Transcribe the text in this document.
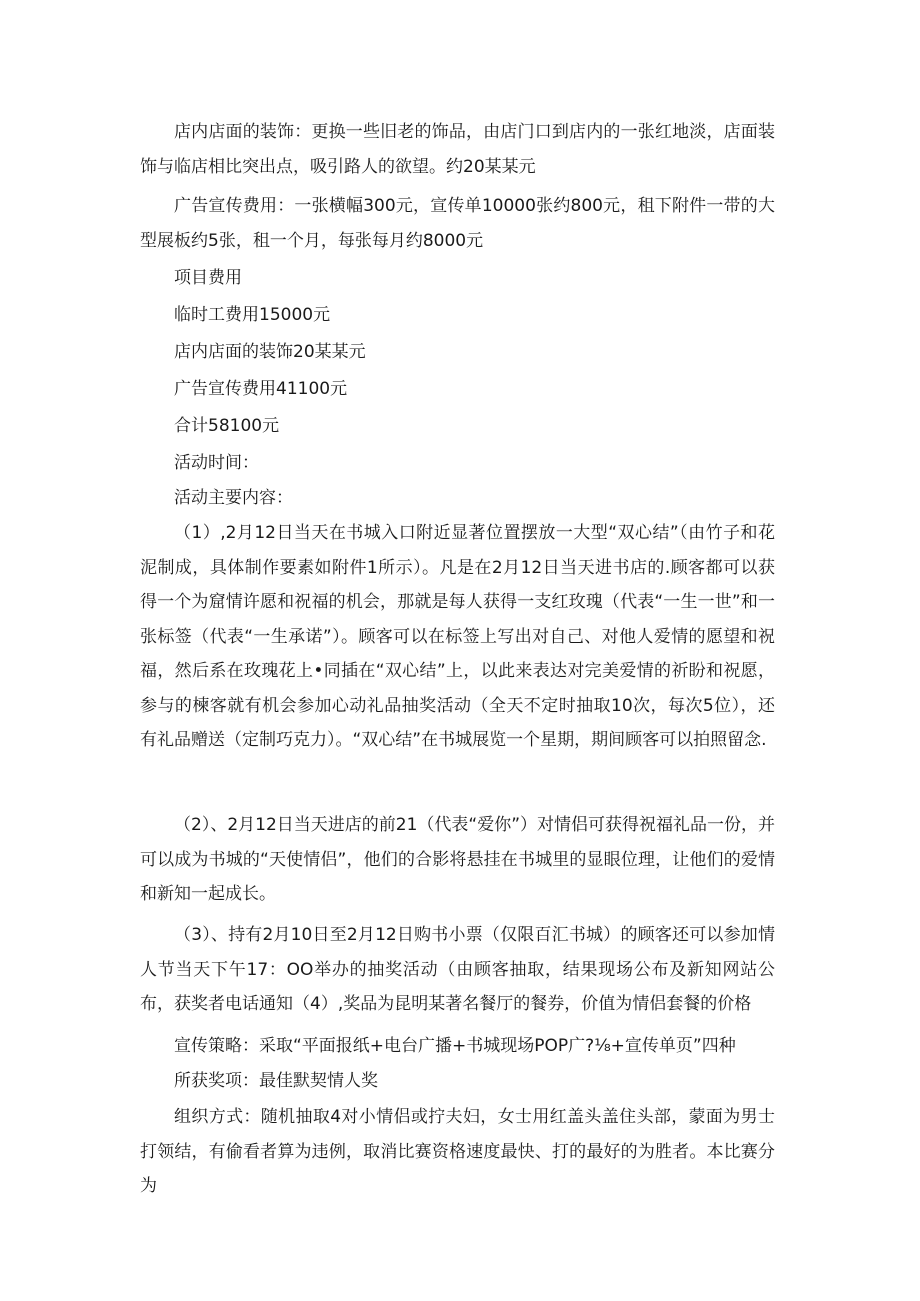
店内店面的装饰：更换一些旧老的饰品，由店门口到店内的一张红地淡，店面装饰与临店相比突出点，吸引路人的欲望。约20某某元

广告宣传费用：一张横幅300元，宣传单10000张约800元，租下附件一带的大型展板约5张，租一个月，每张每月约8000元

项目费用

临时工费用15000元

店内店面的装饰20某某元

广告宣传费用41100元

合计58100元

活动时间：

活动主要内容：

（1）,2月12日当天在书城入口附近显著位置摆放一大型“双心结”（由竹子和花泥制成，具体制作要素如附件1所示）。凡是在2月12日当天进书店的.顾客都可以获得一个为窟情许愿和祝福的机会，那就是每人获得一支红玫瑰（代表“一生一世”和一张标签（代表“一生承诺”）。顾客可以在标签上写出对自己、对他人爱情的愿望和祝福，然后系在玫瑰花上•同插在“双心结”上，以此来表达对完美爱情的祈盼和祝愿，参与的楝客就有机会参加心动礼品抽奖活动（全天不定时抽取10次，每次5位），还有礼品赠送（定制巧克力）。“双心结”在书城展览一个星期，期间顾客可以拍照留念.

（2）、2月12日当天进店的前21（代表“爱你”）对情侣可获得祝福礼品一份，并可以成为书城的“天使情侣”，他们的合影将悬挂在书城里的显眼位理，让他们的爱情和新知一起成长。

（3）、持有2月10日至2月12日购书小票（仅限百汇书城）的顾客还可以参加情人节当天下午17：OO举办的抽奖活动（由顾客抽取，结果现场公布及新知网站公布，获奖者电话通知（4）,奖品为昆明某著名餐厅的餐券，价值为情侣套餐的价格

宣传策略：采取“平面报纸+电台广播+书城现场POP广?⅛+宣传单页”四种

所获奖项：最佳默契情人奖

组织方式：随机抽取4对小情侣或拧夫妇，女士用红盖头盖住头部，蒙面为男士打领结，有偷看者算为违例，取消比赛资格速度最快、打的最好的为胜者。本比赛分为
